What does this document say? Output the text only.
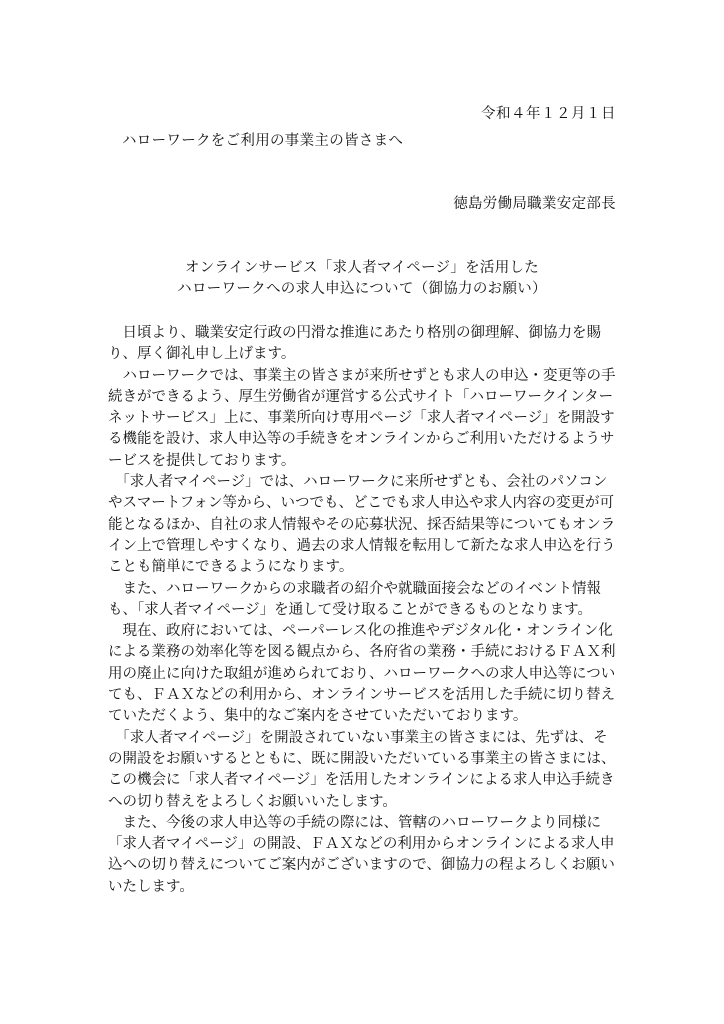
令和４年１２月１日
ハローワークをご利用の事業主の皆さまへ
徳島労働局職業安定部長
オンラインサービス「求人者マイページ」を活用した
ハローワークへの求人申込について（御協力のお願い）
　日頃より、職業安定行政の円滑な推進にあたり格別の御理解、御協力を賜
り、厚く御礼申し上げます。
　ハローワークでは、事業主の皆さまが来所せずとも求人の申込・変更等の手
続きができるよう、厚生労働省が運営する公式サイト「ハローワークインター
ネットサービス」上に、事業所向け専用ページ「求人者マイページ」を開設す
る機能を設け、求人申込等の手続きをオンラインからご利用いただけるようサ
ービスを提供しております。
　「求人者マイページ」では、ハローワークに来所せずとも、会社のパソコン
やスマートフォン等から、いつでも、どこでも求人申込や求人内容の変更が可
能となるほか、自社の求人情報やその応募状況、採否結果等についてもオンラ
イン上で管理しやすくなり、過去の求人情報を転用して新たな求人申込を行う
ことも簡単にできるようになります。
　また、ハローワークからの求職者の紹介や就職面接会などのイベント情報
も、「求人者マイページ」を通して受け取ることができるものとなります。
　現在、政府においては、ペーパーレス化の推進やデジタル化・オンライン化
による業務の効率化等を図る観点から、各府省の業務・手続におけるＦＡＸ利
用の廃止に向けた取組が進められており、ハローワークへの求人申込等につい
ても、ＦＡＸなどの利用から、オンラインサービスを活用した手続に切り替え
ていただくよう、集中的なご案内をさせていただいております。
　「求人者マイページ」を開設されていない事業主の皆さまには、先ずは、そ
の開設をお願いするとともに、既に開設いただいている事業主の皆さまには、
この機会に「求人者マイページ」を活用したオンラインによる求人申込手続き
への切り替えをよろしくお願いいたします。
　また、今後の求人申込等の手続の際には、管轄のハローワークより同様に
「求人者マイページ」の開設、ＦＡＸなどの利用からオンラインによる求人申
込への切り替えについてご案内がございますので、御協力の程よろしくお願い
いたします。
